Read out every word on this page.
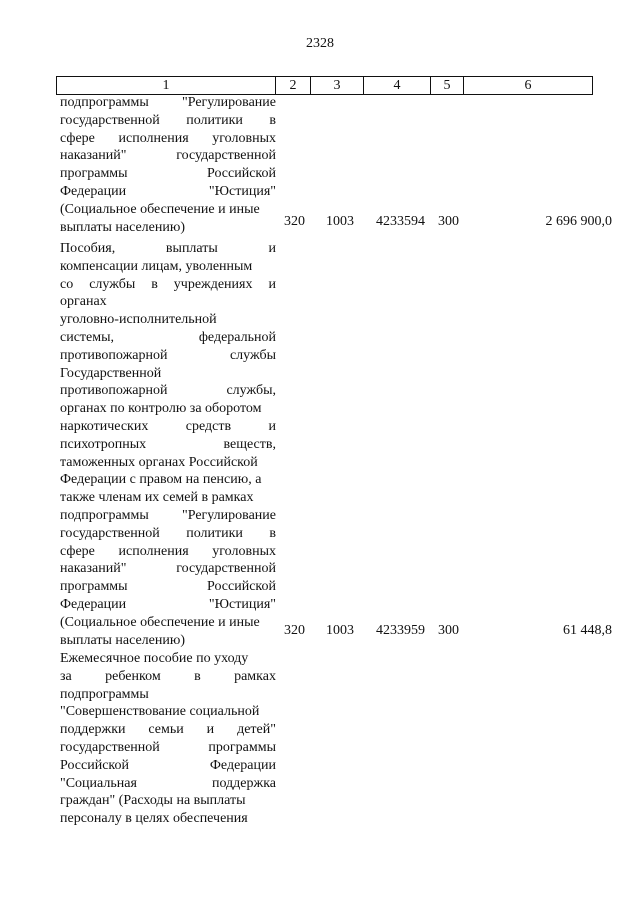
2328
1	2	3	4	5	6
подпрограммы "Регулирование
государственной политики в
сфере исполнения уголовных
наказаний"	государственной
программы	Российской
Федерации	"Юстиция"
(Социальное обеспечение и иные
выплаты населению)	320 1003 4233594 300	2 696 900,0
Пособия,	выплаты	и
компенсации лицам, уволенным
со службы в учреждениях и
органах
уголовно-исполнительной
системы,	федеральной
противопожарной	службы
Государственной
противопожарной	службы,
органах по контролю за оборотом
наркотических	средств	и
психотропных	веществ,
таможенных органах Российской
Федерации с правом на пенсию, а
также членам их семей в рамках
подпрограммы "Регулирование
государственной политики в
сфере исполнения уголовных
наказаний"	государственной
программы	Российской
Федерации	"Юстиция"
(Социальное обеспечение и иные
выплаты населению)
320 1003 4233959 300	61 448,8
Ежемесячное пособие по уходу
за ребенком в рамках
подпрограммы
"Совершенствование социальной
поддержки семьи и детей"
государственной	программы
Российской	Федерации
"Социальная	поддержка
граждан" (Расходы на выплаты
персоналу в целях обеспечения
